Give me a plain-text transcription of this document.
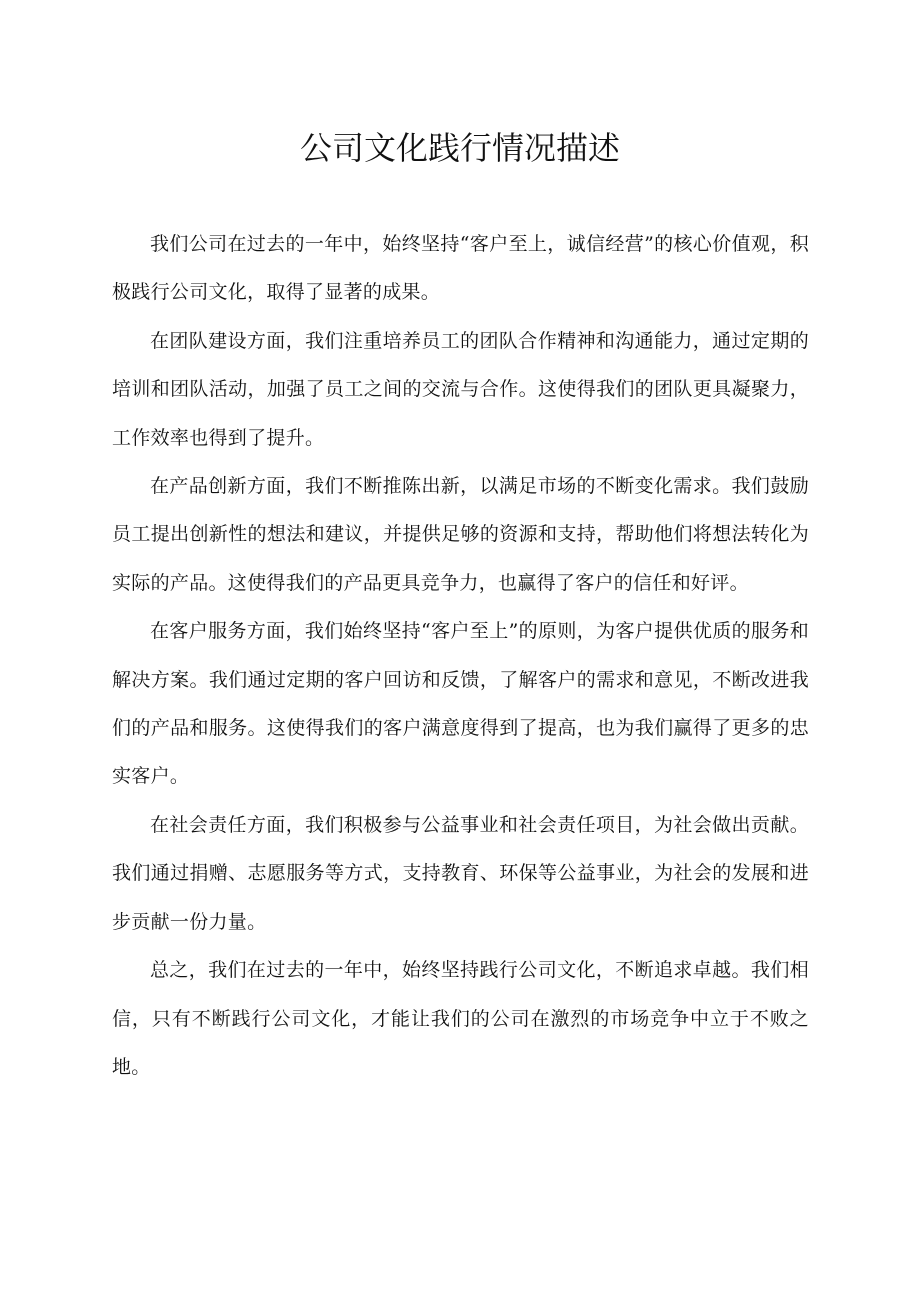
公司文化践行情况描述

我们公司在过去的一年中，始终坚持“客户至上，诚信经营”的核心价值观，积极践行公司文化，取得了显著的成果。

在团队建设方面，我们注重培养员工的团队合作精神和沟通能力，通过定期的培训和团队活动，加强了员工之间的交流与合作。这使得我们的团队更具凝聚力，工作效率也得到了提升。

在产品创新方面，我们不断推陈出新，以满足市场的不断变化需求。我们鼓励员工提出创新性的想法和建议，并提供足够的资源和支持，帮助他们将想法转化为实际的产品。这使得我们的产品更具竞争力，也赢得了客户的信任和好评。

在客户服务方面，我们始终坚持“客户至上”的原则，为客户提供优质的服务和解决方案。我们通过定期的客户回访和反馈，了解客户的需求和意见，不断改进我们的产品和服务。这使得我们的客户满意度得到了提高，也为我们赢得了更多的忠实客户。

在社会责任方面，我们积极参与公益事业和社会责任项目，为社会做出贡献。我们通过捐赠、志愿服务等方式，支持教育、环保等公益事业，为社会的发展和进步贡献一份力量。

总之，我们在过去的一年中，始终坚持践行公司文化，不断追求卓越。我们相信，只有不断践行公司文化，才能让我们的公司在激烈的市场竞争中立于不败之地。
